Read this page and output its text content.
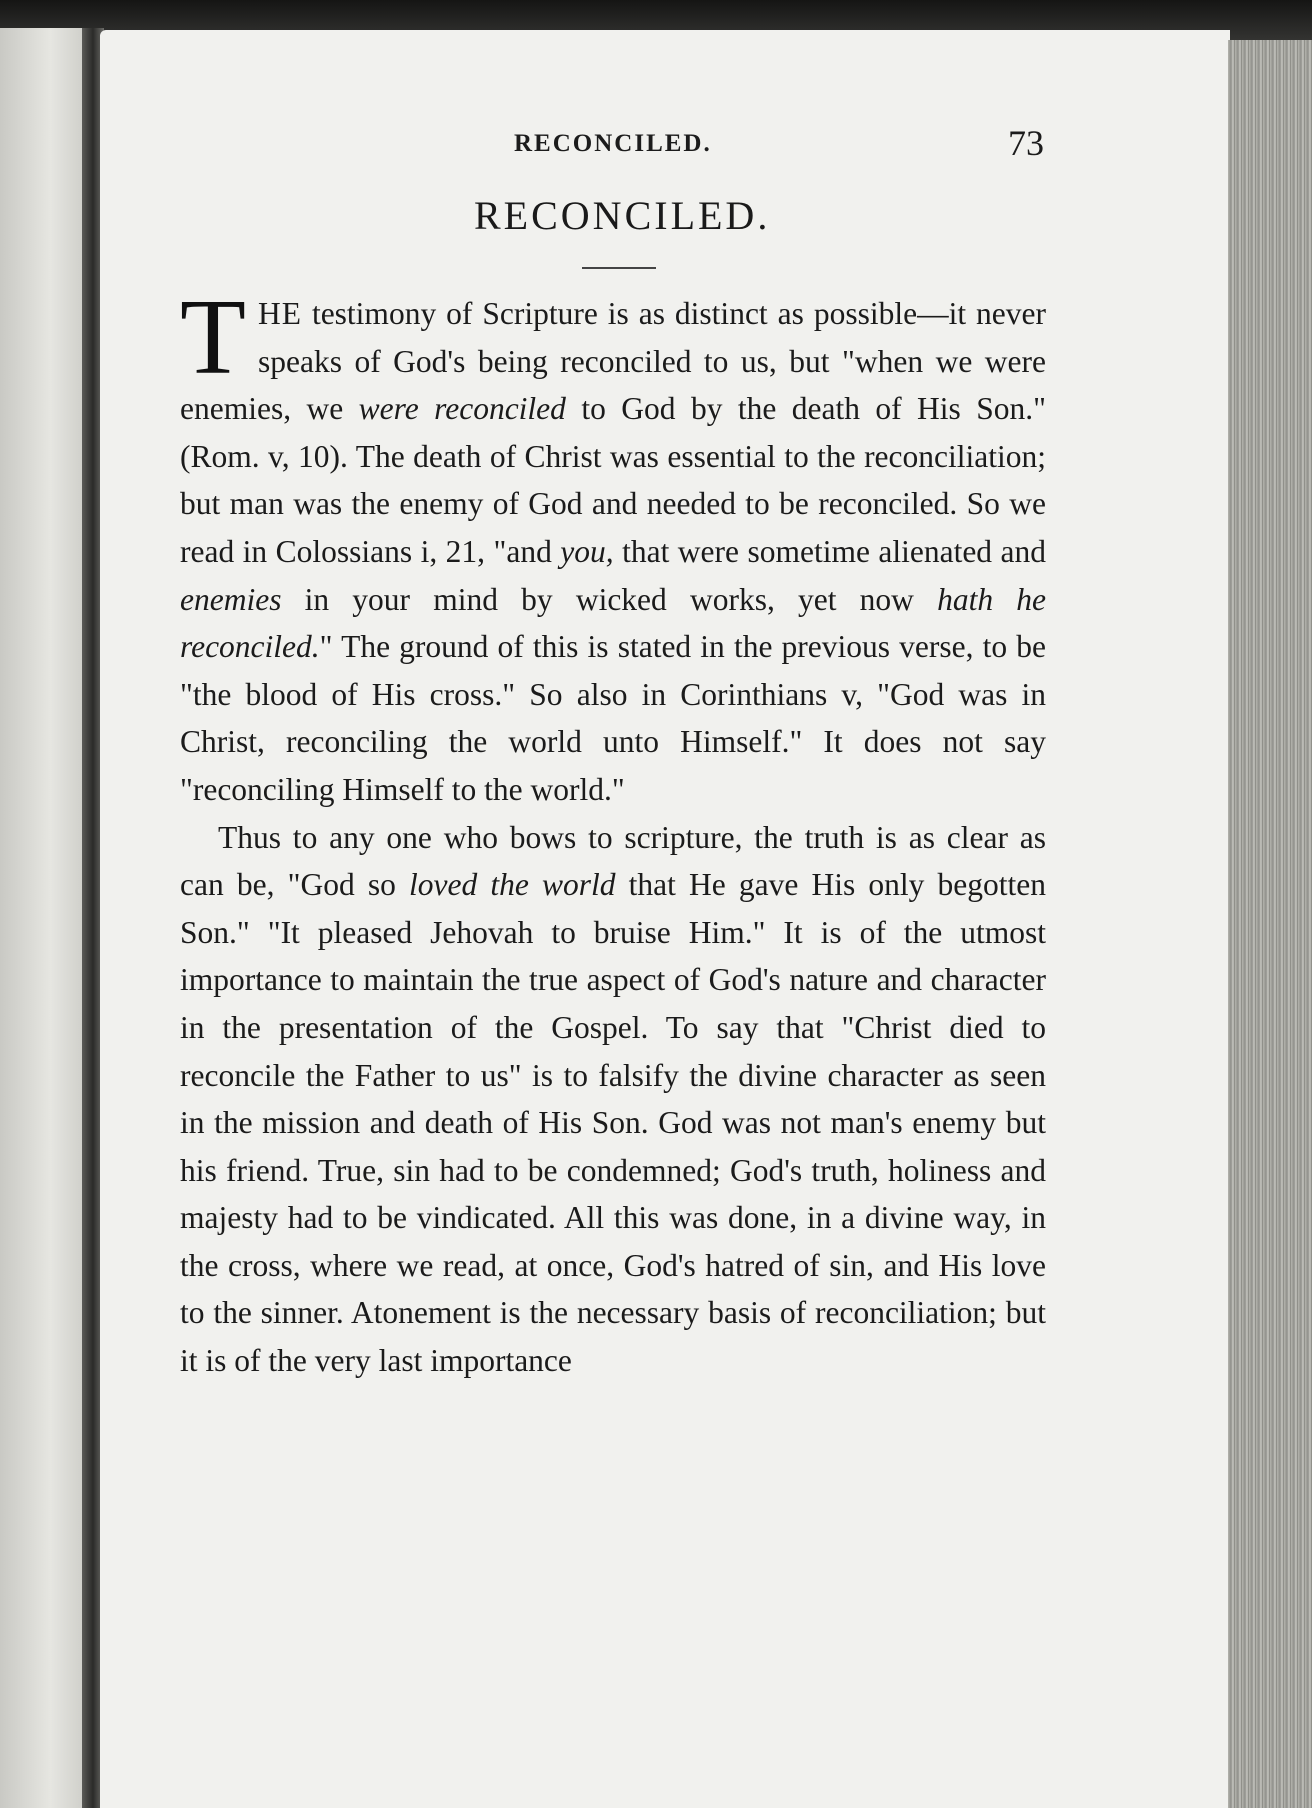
RECONCILED.	73
RECONCILED.

THE testimony of Scripture is as distinct as possible—it never speaks of God's being reconciled to us, but "when we were enemies, we were reconciled to God by the death of His Son." (Rom. v, 10). The death of Christ was essential to the reconciliation; but man was the enemy of God and needed to be reconciled. So we read in Colossians i, 21, "and you, that were sometime alienated and enemies in your mind by wicked works, yet now hath he reconciled." The ground of this is stated in the previous verse, to be "the blood of His cross." So also in Corinthians v, "God was in Christ, reconciling the world unto Himself." It does not say "reconciling Himself to the world."

Thus to any one who bows to scripture, the truth is as clear as can be, "God so loved the world that He gave His only begotten Son." "It pleased Jehovah to bruise Him." It is of the utmost importance to maintain the true aspect of God's nature and character in the presentation of the Gospel. To say that "Christ died to reconcile the Father to us" is to falsify the divine character as seen in the mission and death of His Son. God was not man's enemy but his friend. True, sin had to be condemned; God's truth, holiness and majesty had to be vindicated. All this was done, in a divine way, in the cross, where we read, at once, God's hatred of sin, and His love to the sinner. Atonement is the necessary basis of reconciliation; but it is of the very last importance
